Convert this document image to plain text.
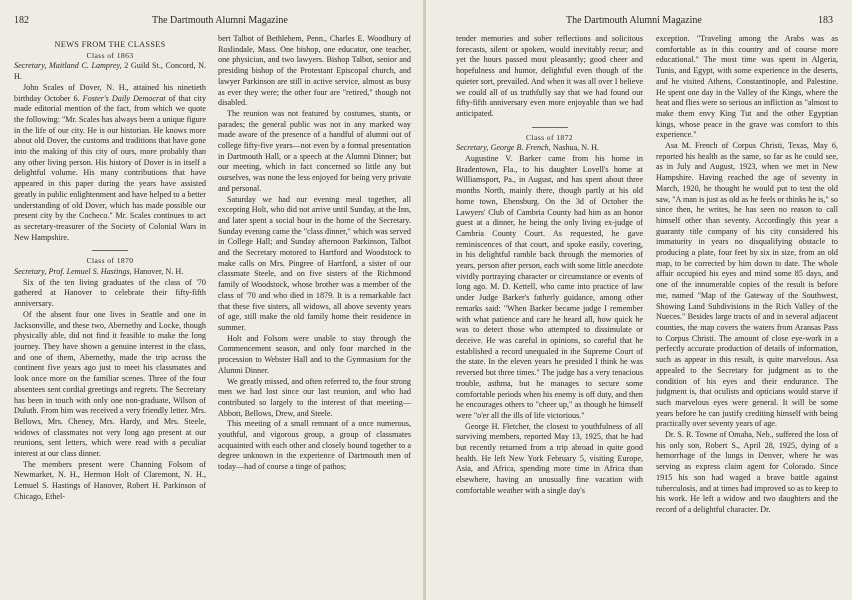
182	The Dartmouth Alumni Magazine
NEWS FROM THE CLASSES
Class of 1863

Secretary, Maitland C. Lamprey, 2 Guild St., Concord, N. H.

John Scales of Dover, N. H., attained his ninetieth birthday October 6. Foster's Daily Democrat of that city made editorial mention of the fact, from which we quote the following: "Mr. Scales has always been a unique figure in the life of our city. He is our historian. He knows more about old Dover, the customs and traditions that have gone into the making of this city of ours, more probably than any other living person. His history of Dover is in itself a delightful volume. His many contributions that have appeared in this paper during the years have assisted greatly in public enlightenment and have helped to a better understanding of old Dover, which has made possible our present city by the Cocheco." Mr. Scales continues to act as secretary-treasurer of the Society of Colonial Wars in New Hampshire.

Class of 1870

Secretary, Prof. Lemuel S. Hastings, Hanover, N. H.

Six of the ten living graduates of the class of '70 gathered at Hanover to celebrate their fifty-fifth anniversary.

Of the absent four one lives in Seattle and one in Jacksonville, and these two, Abernethy and Locke, though physically able, did not find it feasible to make the long journey. They have shown a genuine interest in the class, and one of them, Abernethy, made the trip across the continent five years ago just to meet his classmates and look once more on the familiar scenes. Three of the four absentees sent cordial greetings and regrets. The Secretary has been in touch with only one non-graduate, Wilson of Duluth. From him was received a very friendly letter. Mrs. Bellows, Mrs. Cheney, Mrs. Hardy, and Mrs. Steele, widows of classmates not very long ago present at our reunions, sent letters, which were read with a peculiar interest at our class dinner.

The members present were Channing Folsom of Newmarket, N. H., Hermon Holt of Claremont, N. H., Lemuel S. Hastings of Hanover, Robert H. Parkinson of Chicago, Ethel-

bert Talbot of Bethlehem, Penn., Charles E. Woodbury of Roslindale, Mass. One bishop, one educator, one teacher, one physician, and two lawyers. Bishop Talbot, senior and presiding bishop of the Protestant Episcopal church, and lawyer Parkinson are still in active service, almost as busy as ever they were; the other four are "retired," though not disabled.

The reunion was not featured by costumes, stunts, or parades; the general public was not in any marked way made aware of the presence of a handful of alumni out of college fifty-five years—not even by a formal presentation in Dartmouth Hall, or a speech at the Alumni Dinner; but our meeting, which in fact concerned so little any but ourselves, was none the less enjoyed for being very private and personal.

Saturday we had our evening meal together, all excepting Holt, who did not arrive until Sunday, at the Inn, and later spent a social hour in the home of the Secretary. Sunday evening came the "class dinner," which was served in College Hall; and Sunday afternoon Parkinson, Talbot and the Secretary motored to Hartford and Woodstock to make calls on Mrs. Pingree of Hartford, a sister of our classmate Steele, and on five sisters of the Richmond family of Woodstock, whose brother was a member of the class of '70 and who died in 1879. It is a remarkable fact that these five sisters, all widows, all above seventy years of age, still make the old family home their residence in summer.

Holt and Folsom were unable to stay through the Commencement season, and only four marched in the procession to Webster Hall and to the Gymnasium for the Alumni Dinner.

We greatly missed, and often referred to, the four strong men we had lost since our last reunion, and who had contributed so largely to the interest of that meeting—Abbott, Bellows, Drew, and Steele.

This meeting of a small remnant of a once numerous, youthful, and vigorous group, a group of classmates acquainted with each other and closely bound together to a degree unknown in the experience of Dartmouth men of today—had of course a tinge of pathos;

The Dartmouth Alumni Magazine	183

tender memories and sober reflections and solicitous forecasts, silent or spoken, would inevitably recur; and yet the hours passed most pleasantly; good cheer and hopefulness and humor, delightful even though of the quieter sort, prevailed. And when it was all over I believe we could all of us truthfully say that we had found our fifty-fifth anniversary even more enjoyable than we had anticipated.

Class of 1872

Secretary, George B. French, Nashua, N. H.

Augustine V. Barker came from his home in Bradentown, Fla., to his daughter Lovell's home at Williamsport, Pa., in August, and has spent about three months North, mainly there, though partly at his old home town, Ebensburg. On the 3d of October the Lawyers' Club of Cambria County had him as an honor guest at a dinner, he being the only living ex-judge of Cambria County Court. As requested, he gave reminiscences of that court, and spoke easily, covering, in his delightful ramble back through the memories of years, person after person, each with some little anecdote vividly portraying character or circumstance or events of long ago. M. D. Kettell, who came into practice of law under Judge Barker's fatherly guidance, among other remarks said: "When Barker became judge I remember with what patience and care he heard all, how quick he was to detect those who attempted to dissimulate or deceive. He was careful in opinions, so careful that he established a record unequaled in the Supreme Court of the state. In the eleven years he presided I think he was reversed but three times." The judge has a very tenacious trouble, asthma, but he manages to secure some comfortable periods when his enemy is off duty, and then he encourages others to "cheer up," as though he himself were "o'er all the ills of life victorious."

George H. Fletcher, the closest to youthfulness of all surviving members, reported May 13, 1925, that he had but recently returned from a trip abroad in quite good health. He left New York February 5, visiting Europe, Asia, and Africa, spending more time in Africa than elsewhere, having an unusually fine vacation with comfortable weather with a single day's

exception. "Traveling among the Arabs was as comfortable as in this country and of course more educational." The most time was spent in Algeria, Tunis, and Egypt, with some experience in the deserts, and he visited Athens, Constantinople, and Palestine. He spent one day in the Valley of the Kings, where the heat and flies were so serious an infliction as "almost to make them envy King Tut and the other Egyptian kings, whose peace in the grave was comfort to this experience."

Asa M. French of Corpus Christi, Texas, May 6, reported his health as the same, so far as he could see, as in July and August, 1923, when we met in New Hampshire. Having reached the age of seventy in March, 1920, he thought he would put to test the old saw, "A man is just as old as he feels or thinks he is," so since then, he writes, he has seen no reason to call himself other than seventy. Accordingly this year a guaranty title company of his city considered his immaturity in years no disqualifying obstacle to producing a plate, four feet by six in size, from an old map, to be corrected by him down to date. The whole affair occupied his eyes and mind some 85 days, and one of the innumerable copies of the result is before me, named "Map of the Gateway of the Southwest, Showing Land Subdivisions in the Rich Valley of the Nueces." Besides large tracts of and in several adjacent counties, the map covers the waters from Aransas Pass to Corpus Christi. The amount of close eye-work in a perfectly accurate production of details of information, such as appear in this result, is quite marvelous. Asa appealed to the Secretary for judgment as to the condition of his eyes and their endurance. The judgment is, that oculists and opticians would starve if such marvelous eyes were general. It will be some years before he can justify crediting himself with being practically over seventy years of age.

Dr. S. R. Towne of Omaha, Neb., suffered the loss of his only son, Robert S., April 28, 1925, dying of a hemorrhage of the lungs in Denver, where he was serving as express claim agent for Colorado. Since 1915 his son had waged a brave battle against tuberculosis, and at times had improved so as to keep to his work. He left a widow and two daughters and the record of a delightful character. Dr.
